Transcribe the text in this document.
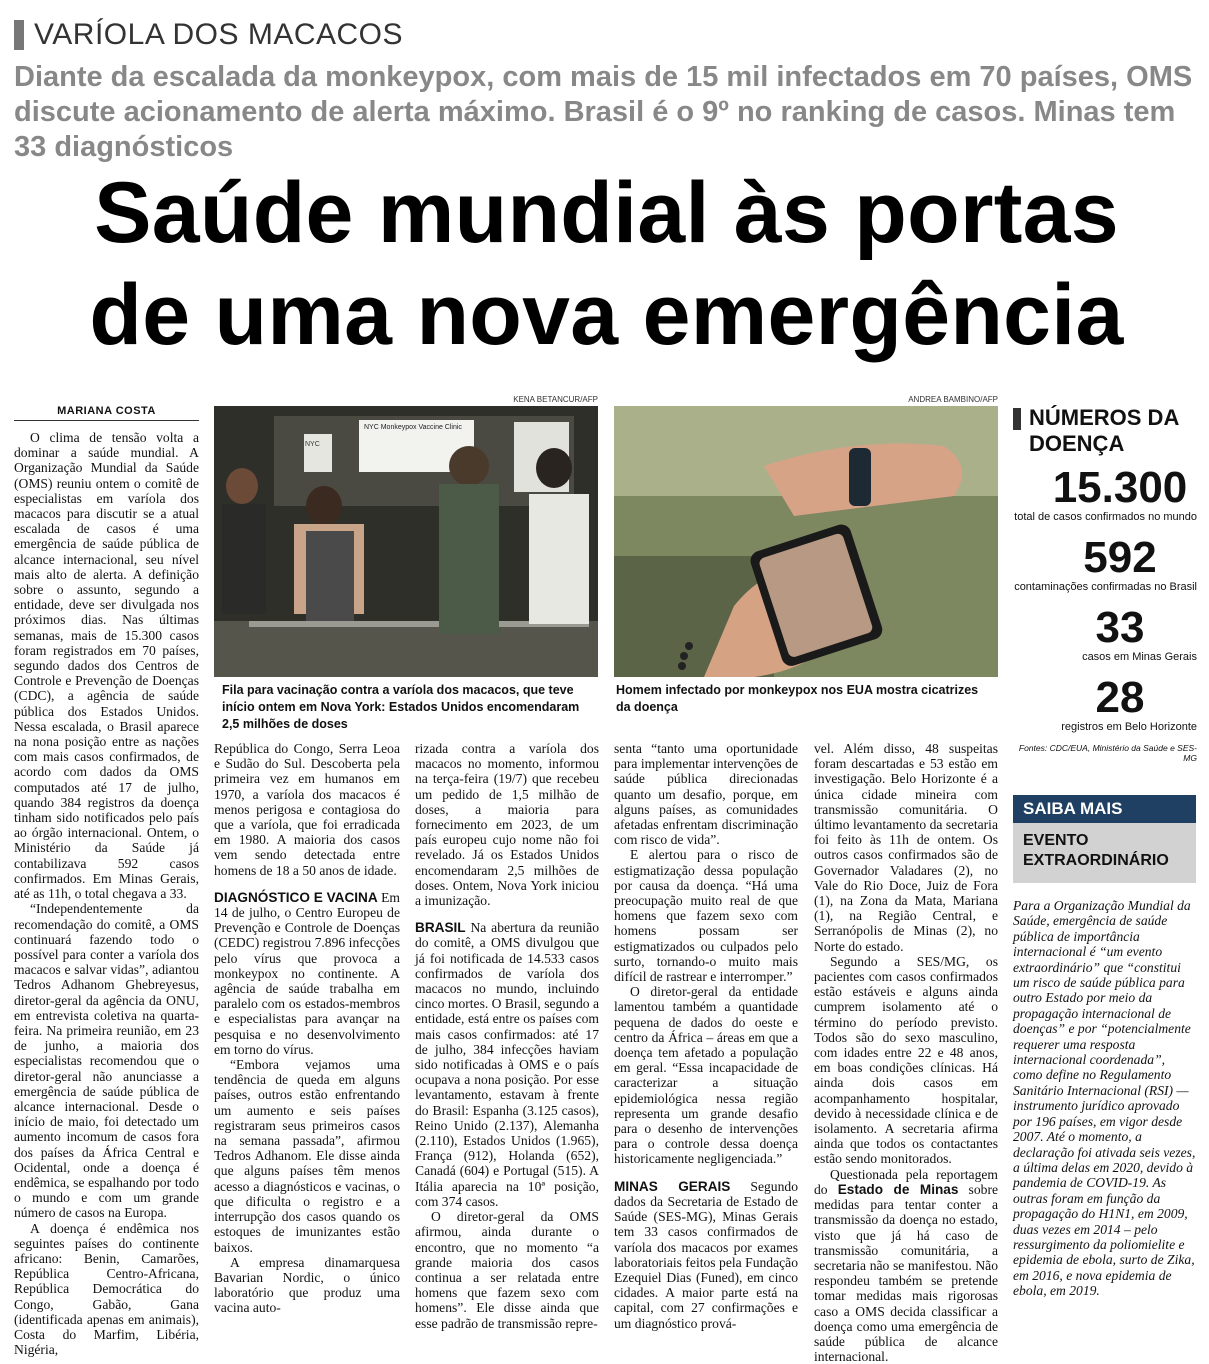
VARÍOLA DOS MACACOS
Diante da escalada da monkeypox, com mais de 15 mil infectados em 70 países, OMS discute acionamento de alerta máximo. Brasil é o 9º no ranking de casos. Minas tem 33 diagnósticos
Saúde mundial às portas
de uma nova emergência
MARIANA COSTA

O clima de tensão volta a dominar a saúde mundial. A Organização Mundial da Saúde (OMS) reuniu ontem o comitê de especialistas em varíola dos macacos para discutir se a atual escalada de casos é uma emergência de saúde pública de alcance internacional, seu nível mais alto de alerta. A definição sobre o assunto, segundo a entidade, deve ser divulgada nos próximos dias. Nas últimas semanas, mais de 15.300 casos foram registrados em 70 países, segundo dados dos Centros de Controle e Prevenção de Doenças (CDC), a agência de saúde pública dos Estados Unidos. Nessa escalada, o Brasil aparece na nona posição entre as nações com mais casos confirmados, de acordo com dados da OMS computados até 17 de julho, quando 384 registros da doença tinham sido notificados pelo país ao órgão internacional. Ontem, o Ministério da Saúde já contabilizava 592 casos confirmados. Em Minas Gerais, até as 11h, o total chegava a 33.

“Independentemente da recomendação do comitê, a OMS continuará fazendo todo o possível para conter a varíola dos macacos e salvar vidas”, adiantou Tedros Adhanom Ghebreyesus, diretor-geral da agência da ONU, em entrevista coletiva na quarta-feira. Na primeira reunião, em 23 de junho, a maioria dos especialistas recomendou que o diretor-geral não anunciasse a emergência de saúde pública de alcance internacional. Desde o início de maio, foi detectado um aumento incomum de casos fora dos países da África Central e Ocidental, onde a doença é endêmica, se espalhando por todo o mundo e com um grande número de casos na Europa.

A doença é endêmica nos seguintes países do continente africano: Benin, Camarões, República Centro-Africana, República Democrática do Congo, Gabão, Gana (identificada apenas em animais), Costa do Marfim, Libéria, Nigéria,

KENA BETANCUR/AFP
NYC
NYC Monkeypox Vaccine Clinic
Fila para vacinação contra a varíola dos macacos, que teve início ontem em Nova York: Estados Unidos encomendaram 2,5 milhões de doses
ANDREA BAMBINO/AFP
Homem infectado por monkeypox nos EUA mostra cicatrizes da doença

República do Congo, Serra Leoa e Sudão do Sul. Descoberta pela primeira vez em humanos em 1970, a varíola dos macacos é menos perigosa e contagiosa do que a varíola, que foi erradicada em 1980. A maioria dos casos vem sendo detectada entre homens de 18 a 50 anos de idade.

DIAGNÓSTICO E VACINA Em 14 de julho, o Centro Europeu de Prevenção e Controle de Doenças (CEDC) registrou 7.896 infecções pelo vírus que provoca a monkeypox no continente. A agência de saúde trabalha em paralelo com os estados-membros e especialistas para avançar na pesquisa e no desenvolvimento em torno do vírus.

“Embora vejamos uma tendência de queda em alguns países, outros estão enfrentando um aumento e seis países registraram seus primeiros casos na semana passada”, afirmou Tedros Adhanom. Ele disse ainda que alguns países têm menos acesso a diagnósticos e vacinas, o que dificulta o registro e a interrupção dos casos quando os estoques de imunizantes estão baixos.

A empresa dinamarquesa Bavarian Nordic, o único laboratório que produz uma vacina auto-

rizada contra a varíola dos macacos no momento, informou na terça-feira (19/7) que recebeu um pedido de 1,5 milhão de doses, a maioria para fornecimento em 2023, de um país europeu cujo nome não foi revelado. Já os Estados Unidos encomendaram 2,5 milhões de doses. Ontem, Nova York iniciou a imunização.

BRASIL Na abertura da reunião do comitê, a OMS divulgou que já foi notificada de 14.533 casos confirmados de varíola dos macacos no mundo, incluindo cinco mortes. O Brasil, segundo a entidade, está entre os países com mais casos confirmados: até 17 de julho, 384 infecções haviam sido notificadas à OMS e o país ocupava a nona posição. Por esse levantamento, estavam à frente do Brasil: Espanha (3.125 casos), Reino Unido (2.137), Alemanha (2.110), Estados Unidos (1.965), França (912), Holanda (652), Canadá (604) e Portugal (515). A Itália aparecia na 10ª posição, com 374 casos.

O diretor-geral da OMS afirmou, ainda durante o encontro, que no momento “a grande maioria dos casos continua a ser relatada entre homens que fazem sexo com homens”. Ele disse ainda que esse padrão de transmissão repre-

senta “tanto uma oportunidade para implementar intervenções de saúde pública direcionadas quanto um desafio, porque, em alguns países, as comunidades afetadas enfrentam discriminação com risco de vida”.

E alertou para o risco de estigmatização dessa população por causa da doença. “Há uma preocupação muito real de que homens que fazem sexo com homens possam ser estigmatizados ou culpados pelo surto, tornando-o muito mais difícil de rastrear e interromper.”

O diretor-geral da entidade lamentou também a quantidade pequena de dados do oeste e centro da África – áreas em que a doença tem afetado a população em geral. “Essa incapacidade de caracterizar a situação epidemiológica nessa região representa um grande desafio para o desenho de intervenções para o controle dessa doença historicamente negligenciada.”

MINAS GERAIS Segundo dados da Secretaria de Estado de Saúde (SES-MG), Minas Gerais tem 33 casos confirmados de varíola dos macacos por exames laboratoriais feitos pela Fundação Ezequiel Dias (Funed), em cinco cidades. A maior parte está na capital, com 27 confirmações e um diagnóstico prová-

vel. Além disso, 48 suspeitas foram descartadas e 53 estão em investigação. Belo Horizonte é a única cidade mineira com transmissão comunitária. O último levantamento da secretaria foi feito às 11h de ontem. Os outros casos confirmados são de Governador Valadares (2), no Vale do Rio Doce, Juiz de Fora (1), na Zona da Mata, Mariana (1), na Região Central, e Serranópolis de Minas (2), no Norte do estado.

Segundo a SES/MG, os pacientes com casos confirmados estão estáveis e alguns ainda cumprem isolamento até o término do período previsto. Todos são do sexo masculino, com idades entre 22 e 48 anos, em boas condições clínicas. Há ainda dois casos em acompanhamento hospitalar, devido à necessidade clínica e de isolamento. A secretaria afirma ainda que todos os contactantes estão sendo monitorados.

Questionada pela reportagem do Estado de Minas sobre medidas para tentar conter a transmissão da doença no estado, visto que já há caso de transmissão comunitária, a secretaria não se manifestou. Não respondeu também se pretende tomar medidas mais rigorosas caso a OMS decida classificar a doença como uma emergência de saúde pública de alcance internacional.

NÚMEROS DA
DOENÇA
15.300
total de casos confirmados no mundo
592
contaminações confirmadas no Brasil
33
casos em Minas Gerais
28
registros em Belo Horizonte
Fontes: CDC/EUA, Ministério da Saúde e SES-MG
SAIBA MAIS
EVENTO
EXTRAORDINÁRIO
Para a Organização Mundial da Saúde, emergência de saúde pública de importância internacional é “um evento extraordinário” que “constitui um risco de saúde pública para outro Estado por meio da propagação internacional de doenças” e por “potencialmente requerer uma resposta internacional coordenada”, como define no Regulamento Sanitário Internacional (RSI) — instrumento jurídico aprovado por 196 países, em vigor desde 2007. Até o momento, a declaração foi ativada seis vezes, a última delas em 2020, devido à pandemia de COVID-19. As outras foram em função da propagação do H1N1, em 2009, duas vezes em 2014 – pelo ressurgimento da poliomielite e epidemia de ebola, surto de Zika, em 2016, e nova epidemia de ebola, em 2019.
